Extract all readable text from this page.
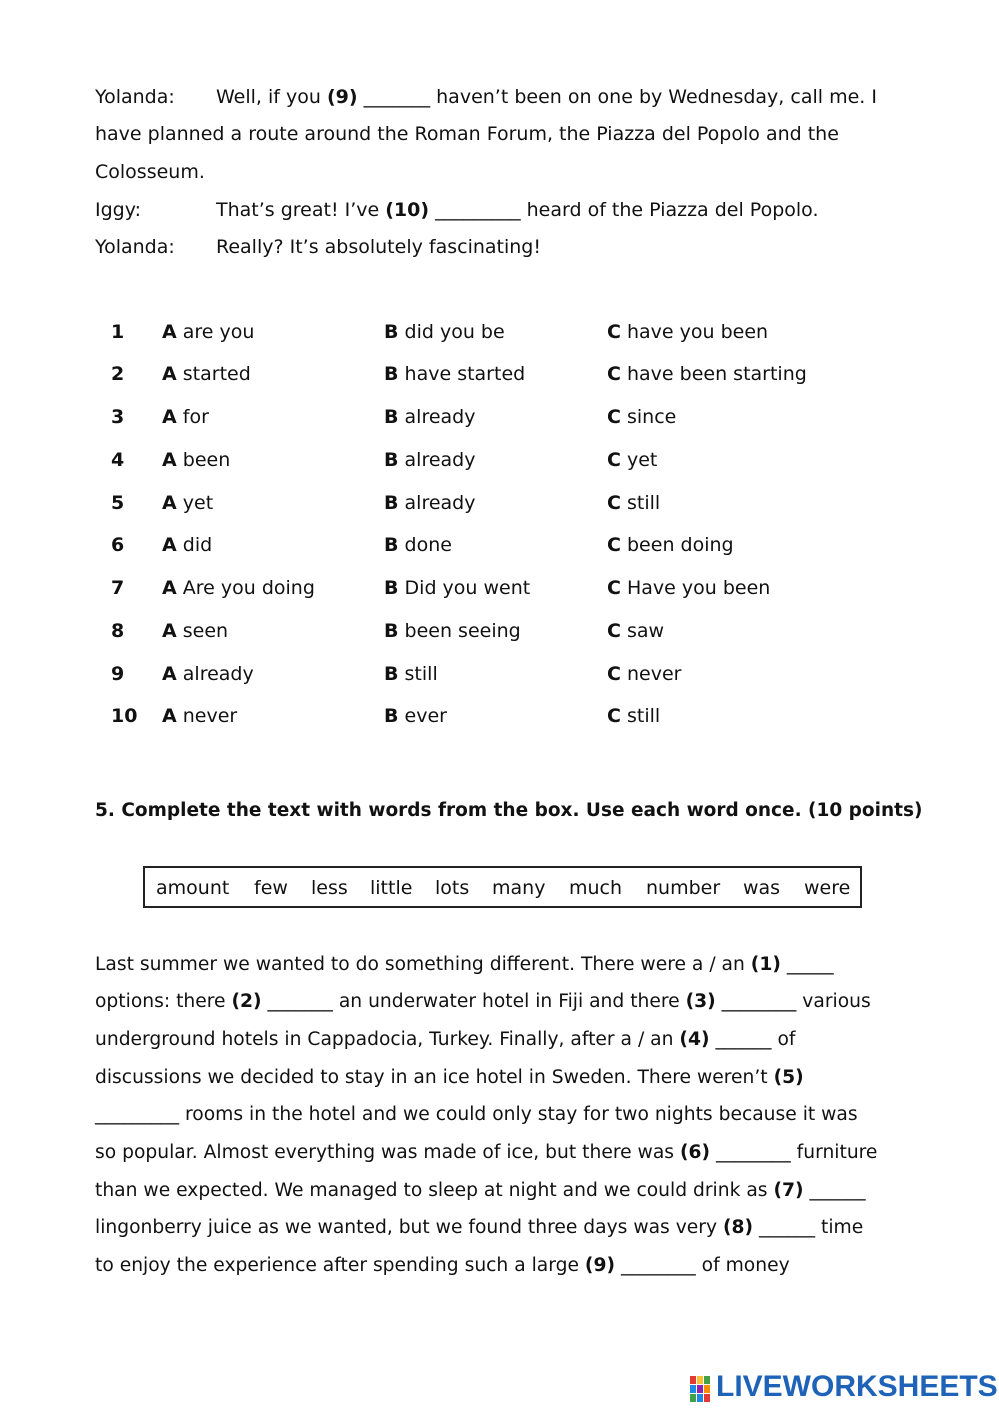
Yolanda: Well, if you (9) _______ haven’t been on one by Wednesday, call me. I
have planned a route around the Roman Forum, the Piazza del Popolo and the
Colosseum.
Iggy:	That’s great! I’ve (10) _________ heard of the Piazza del Popolo.
Yolanda: Really? It’s absolutely fascinating!
1 A are you	B did you be	C have you been
2 A started	B have started	C have been starting
3 A for	B already	C since
4 A been	B already	C yet
5 A yet	B already	C still
6 A did	B done	C been doing
7 A Are you doing	B Did you went	C Have you been
8 A seen	B been seeing	C saw
9 A already	B still	C never
10 A never	B ever	C still
5. Complete the text with words from the box. Use each word once. (10 points)
amount few less little lots many much number was were
Last summer we wanted to do something different. There were a / an (1) _____
options: there (2) _______ an underwater hotel in Fiji and there (3) ________ various
underground hotels in Cappadocia, Turkey. Finally, after a / an (4) ______ of
discussions we decided to stay in an ice hotel in Sweden. There weren’t (5)
_________ rooms in the hotel and we could only stay for two nights because it was
so popular. Almost everything was made of ice, but there was (6) ________ furniture
than we expected. We managed to sleep at night and we could drink as (7) ______
lingonberry juice as we wanted, but we found three days was very (8) ______ time
to enjoy the experience after spending such a large (9) ________ of money
LIVEWORKSHEETS
